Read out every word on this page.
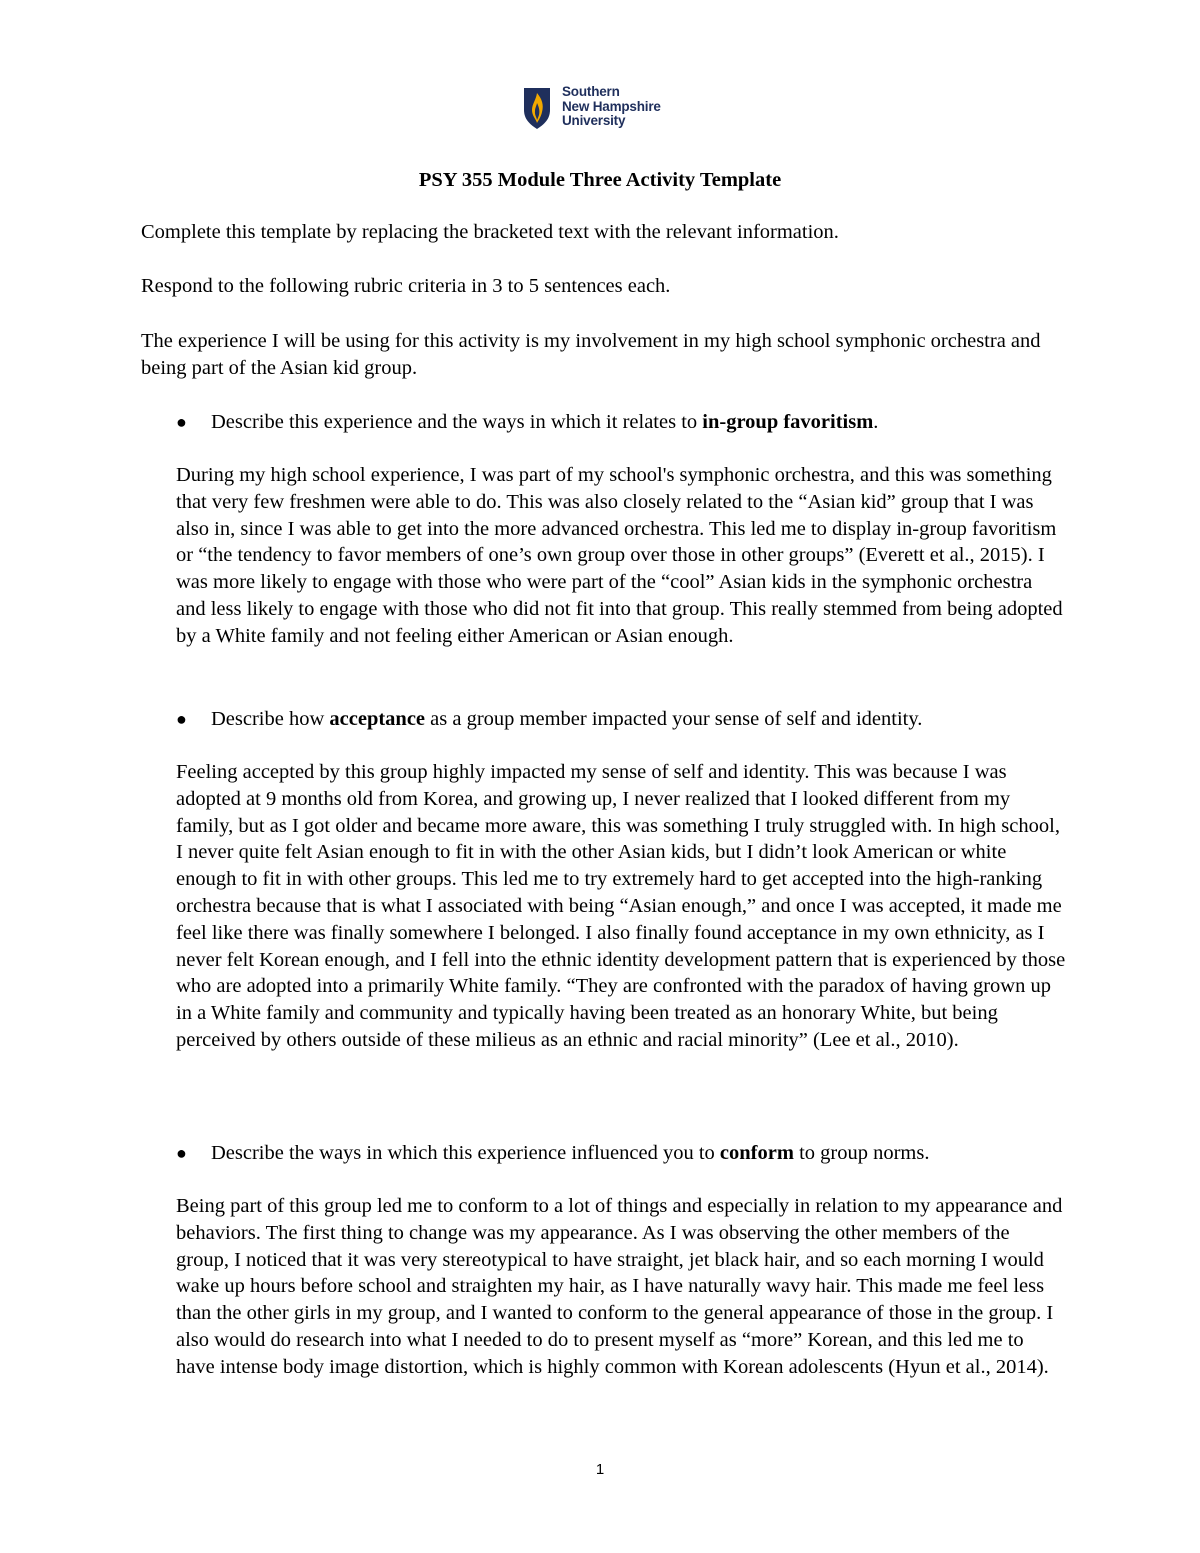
Southern
New Hampshire
University
PSY 355 Module Three Activity Template

Complete this template by replacing the bracketed text with the relevant information.

Respond to the following rubric criteria in 3 to 5 sentences each.

The experience I will be using for this activity is my involvement in my high school symphonic orchestra and being part of the Asian kid group.

● Describe this experience and the ways in which it relates to in-group favoritism.

During my high school experience, I was part of my school's symphonic orchestra, and this was something that very few freshmen were able to do. This was also closely related to the “Asian kid” group that I was also in, since I was able to get into the more advanced orchestra. This led me to display in-group favoritism or “the tendency to favor members of one’s own group over those in other groups” (Everett et al., 2015). I was more likely to engage with those who were part of the “cool” Asian kids in the symphonic orchestra and less likely to engage with those who did not fit into that group. This really stemmed from being adopted by a White family and not feeling either American or Asian enough.

● Describe how acceptance as a group member impacted your sense of self and identity.

Feeling accepted by this group highly impacted my sense of self and identity. This was because I was adopted at 9 months old from Korea, and growing up, I never realized that I looked different from my family, but as I got older and became more aware, this was something I truly struggled with. In high school, I never quite felt Asian enough to fit in with the other Asian kids, but I didn’t look American or white enough to fit in with other groups. This led me to try extremely hard to get accepted into the high-ranking orchestra because that is what I associated with being “Asian enough,” and once I was accepted, it made me feel like there was finally somewhere I belonged. I also finally found acceptance in my own ethnicity, as I never felt Korean enough, and I fell into the ethnic identity development pattern that is experienced by those who are adopted into a primarily White family. “They are confronted with the paradox of having grown up in a White family and community and typically having been treated as an honorary White, but being perceived by others outside of these milieus as an ethnic and racial minority” (Lee et al., 2010).

● Describe the ways in which this experience influenced you to conform to group norms.

Being part of this group led me to conform to a lot of things and especially in relation to my appearance and behaviors. The first thing to change was my appearance. As I was observing the other members of the group, I noticed that it was very stereotypical to have straight, jet black hair, and so each morning I would wake up hours before school and straighten my hair, as I have naturally wavy hair. This made me feel less than the other girls in my group, and I wanted to conform to the general appearance of those in the group. I also would do research into what I needed to do to present myself as “more” Korean, and this led me to have intense body image distortion, which is highly common with Korean adolescents (Hyun et al., 2014).

1
